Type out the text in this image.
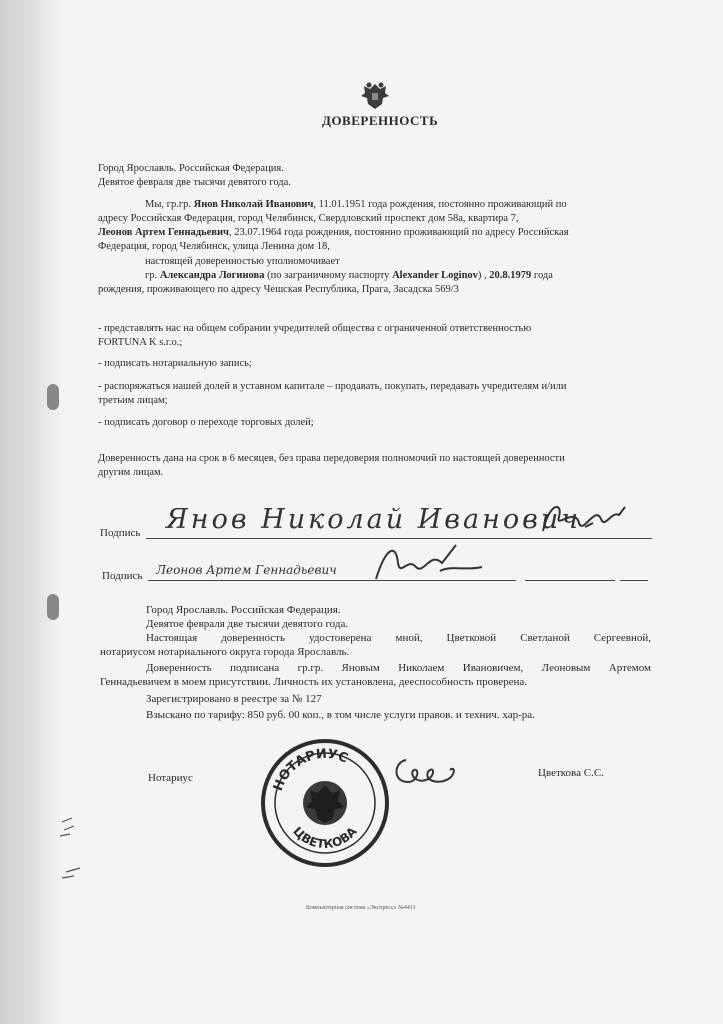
ДОВЕРЕННОСТЬ
Город Ярославль. Российская Федерация.
Девятое февраля две тысячи девятого года.
Мы, гр.гр. Янов Николай Иванович, 11.01.1951 года рождения, постоянно проживающий по
адресу Российская Федерация, город Челябинск, Свердловский проспект дом 58а, квартира 7,
Леонов Артем Геннадьевич, 23.07.1964 года рождения, постоянно проживающий по адресу Российская
Федерация, город Челябинск, улица Ленина дом 18,
настоящей доверенностью уполномочивает
гр. Александра Логинова (по заграничному паспорту Alexander Loginov) , 20.8.1979 года
рождения, проживающего по адресу Чешская Республика, Прага, Засадска 569/3
- представлять нас на общем собрании учредителей общества с ограниченной ответственностью
FORTUNA K s.r.o.;
- подписать нотариальную запись;
- распоряжаться нашей долей в уставном капитале – продавать, покупать, передавать учредителям и/или
третьим лицам;
- подписать договор о переходе торговых долей;
Доверенность дана на срок в 6 месяцев, без права передоверия полномочий по настоящей доверенности
другим лицам.
Подпись Янов Николай Иванович
Подпись Леонов Артем Геннадьевич
Город Ярославль. Российская Федерация.
Девятое февраля две тысячи девятого года.
Настоящая доверенность удостоверена мной, Цветковой Светланой Сергеевной,
нотариусом нотариального округа города Ярославль.
Доверенность подписана гр.гр. Яновым Николаем Ивановичем, Леоновым Артемом
Геннадьевичем в моем присутствии. Личность их установлена, дееспособность проверена.
Зарегистрировано в реестре за № 127
Взыскано по тарифу: 850 руб. 00 коп., в том числе услуги правов. и технич. хар-ра.
Нотариус	Цветкова С.С.
НОТАРИУС
ЦВЕТКОВА
Компьютерная система «Экспресс» №4411
